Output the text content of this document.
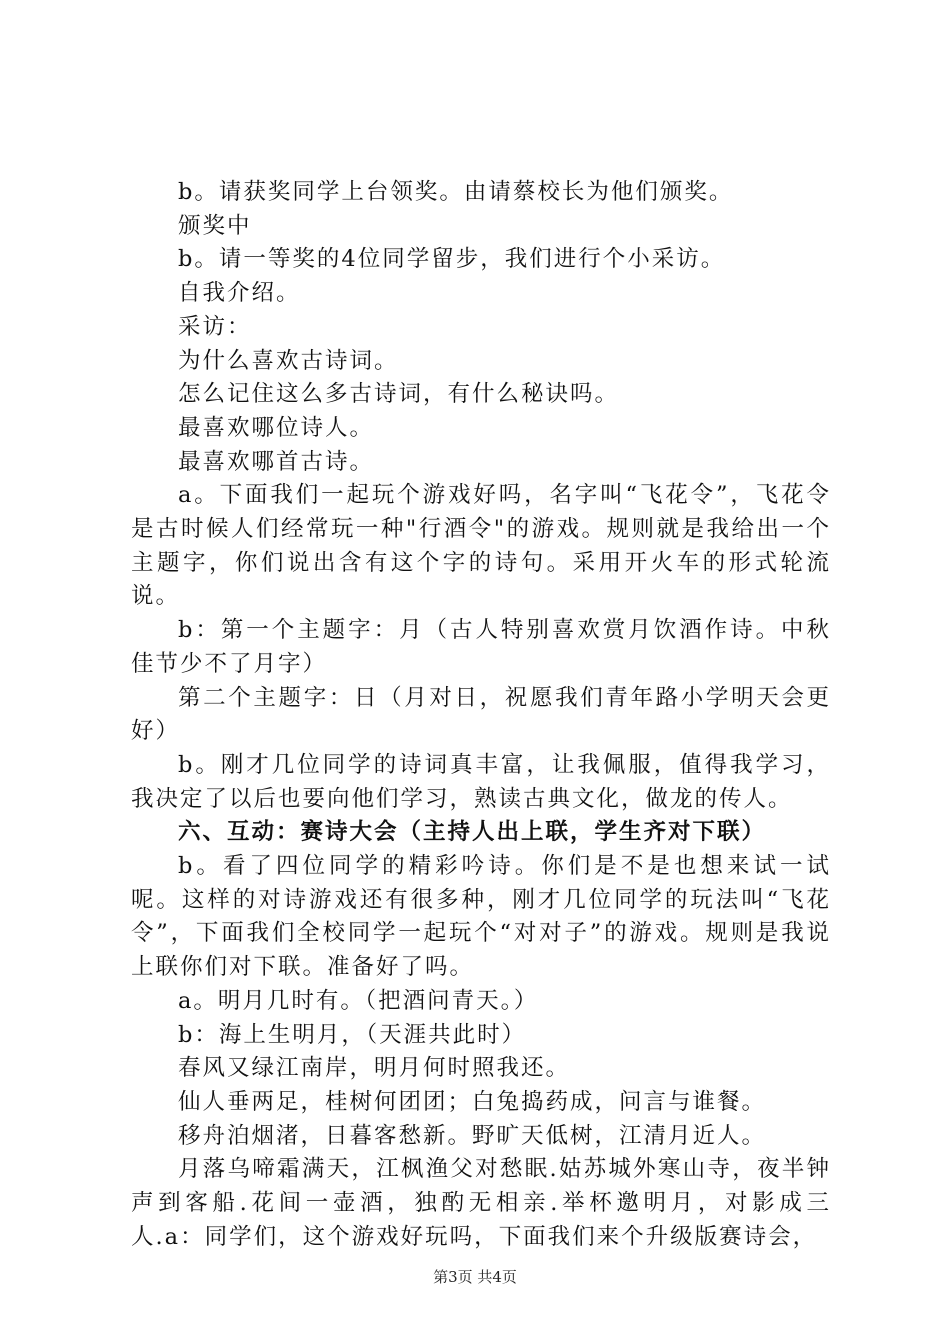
b。请获奖同学上台领奖。由请蔡校长为他们颁奖。

颁奖中

b。请一等奖的4位同学留步，我们进行个小采访。

自我介绍。

采访：

为什么喜欢古诗词。

怎么记住这么多古诗词，有什么秘诀吗。

最喜欢哪位诗人。

最喜欢哪首古诗。

a。下面我们一起玩个游戏好吗，名字叫“飞花令”，飞花令是古时候人们经常玩一种"行酒令"的游戏。规则就是我给出一个主题字，你们说出含有这个字的诗句。采用开火车的形式轮流说。

b：第一个主题字：月（古人特别喜欢赏月饮酒作诗。中秋佳节少不了月字）

第二个主题字：日（月对日，祝愿我们青年路小学明天会更好）

b。刚才几位同学的诗词真丰富，让我佩服，值得我学习，我决定了以后也要向他们学习，熟读古典文化，做龙的传人。

六、互动：赛诗大会（主持人出上联，学生齐对下联）

b。看了四位同学的精彩吟诗。你们是不是也想来试一试呢。这样的对诗游戏还有很多种，刚才几位同学的玩法叫“飞花令”，下面我们全校同学一起玩个“对对子”的游戏。规则是我说上联你们对下联。准备好了吗。

a。明月几时有。（把酒问青天。）

b：海上生明月，（天涯共此时）

春风又绿江南岸，明月何时照我还。

仙人垂两足，桂树何团团；白兔捣药成，问言与谁餐。

移舟泊烟渚，日暮客愁新。野旷天低树，江清月近人。

月落乌啼霜满天，江枫渔父对愁眠.姑苏城外寒山寺，夜半钟声到客船.花间一壶酒，独酌无相亲.举杯邀明月，对影成三人.a：同学们，这个游戏好玩吗，下面我们来个升级版赛诗会，

第3页 共4页
